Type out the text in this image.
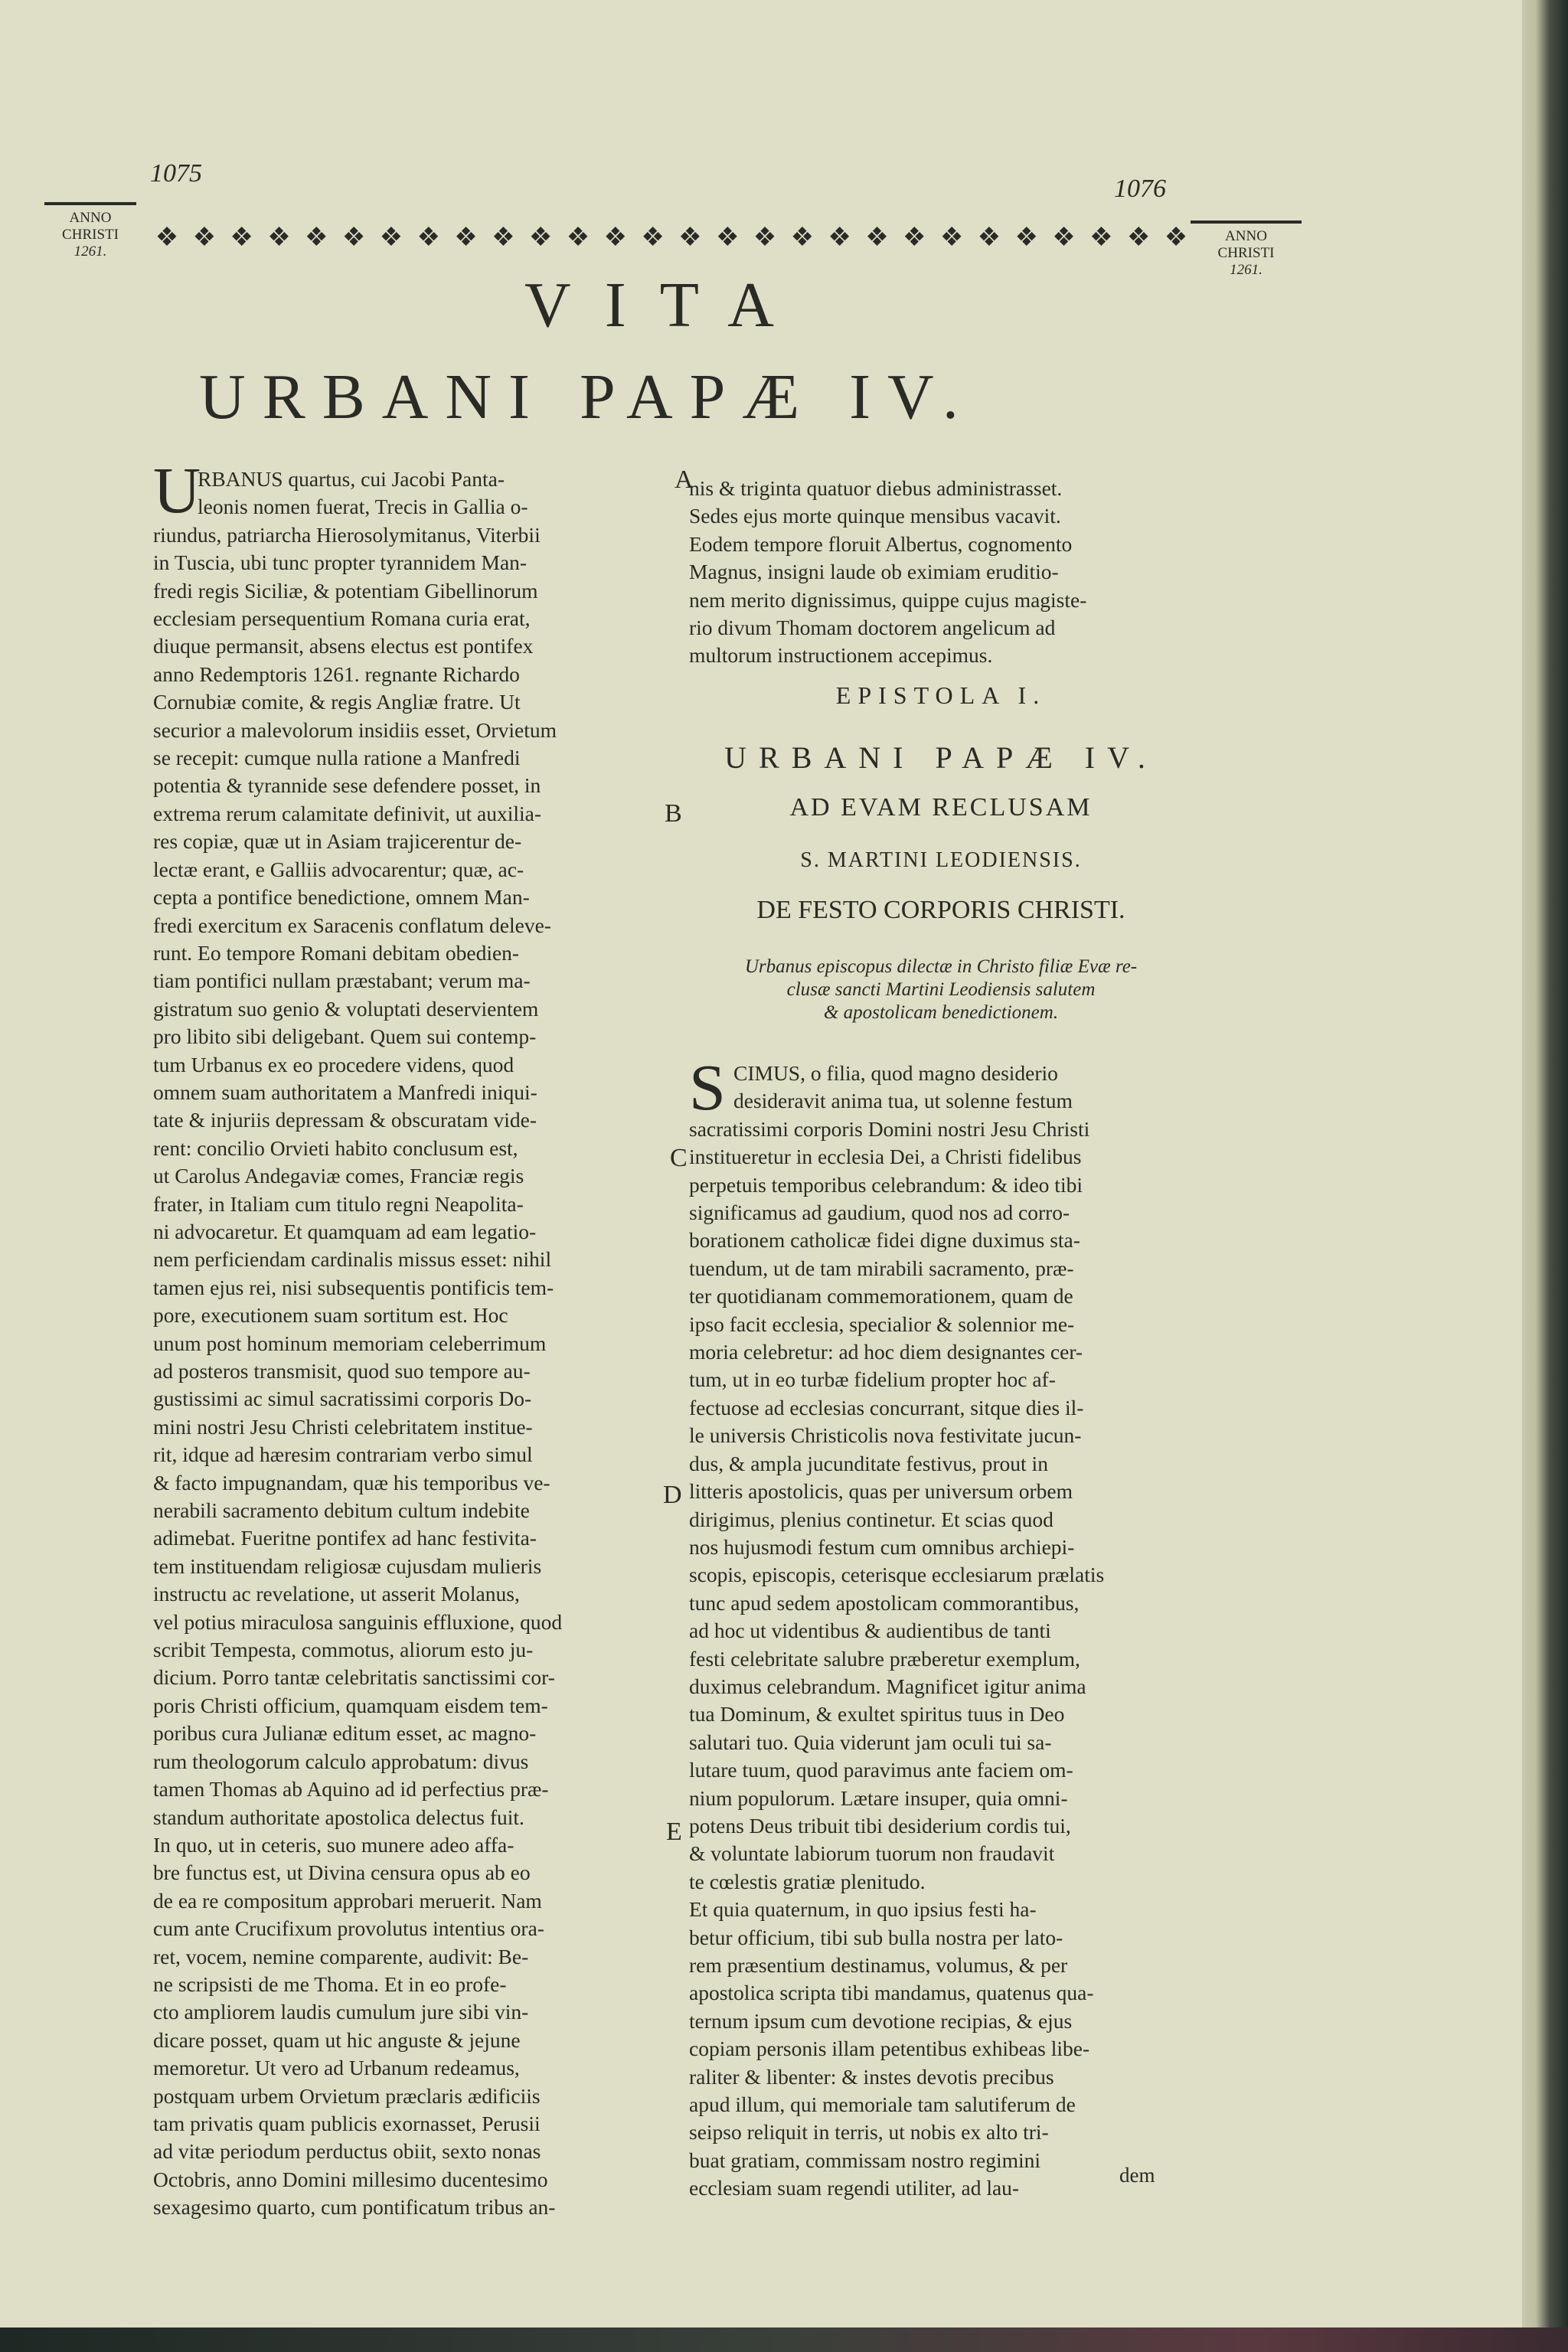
1075
1076
ANNO
CHRISTI
1261.
ANNO
CHRISTI
1261.
❖ ❖ ❖ ❖ ❖ ❖ ❖ ❖ ❖ ❖ ❖ ❖ ❖ ❖ ❖ ❖ ❖ ❖ ❖ ❖ ❖ ❖ ❖ ❖ ❖ ❖ ❖ ❖
VITA
URBANI PAPÆ IV.
U
RBANUS quartus, cui Jacobi Panta-
leonis nomen fuerat, Trecis in Gallia o-
riundus, patriarcha Hierosolymitanus, Viterbii
in Tuscia, ubi tunc propter tyrannidem Man-
fredi regis Siciliæ, & potentiam Gibellinorum
ecclesiam persequentium Romana curia erat,
diuque permansit, absens electus est pontifex
anno Redemptoris 1261. regnante Richardo
Cornubiæ comite, & regis Angliæ fratre. Ut
securior a malevolorum insidiis esset, Orvietum
se recepit: cumque nulla ratione a Manfredi
potentia & tyrannide sese defendere posset, in
extrema rerum calamitate definivit, ut auxilia-
res copiæ, quæ ut in Asiam trajicerentur de-
lectæ erant, e Galliis advocarentur; quæ, ac-
cepta a pontifice benedictione, omnem Man-
fredi exercitum ex Saracenis conflatum deleve-
runt. Eo tempore Romani debitam obedien-
tiam pontifici nullam præstabant; verum ma-
gistratum suo genio & voluptati deservientem
pro libito sibi deligebant. Quem sui contemp-
tum Urbanus ex eo procedere videns, quod
omnem suam authoritatem a Manfredi iniqui-
tate & injuriis depressam & obscuratam vide-
rent: concilio Orvieti habito conclusum est,
ut Carolus Andegaviæ comes, Franciæ regis
frater, in Italiam cum titulo regni Neapolita-
ni advocaretur. Et quamquam ad eam legatio-
nem perficiendam cardinalis missus esset: nihil
tamen ejus rei, nisi subsequentis pontificis tem-
pore, executionem suam sortitum est. Hoc
unum post hominum memoriam celeberrimum
ad posteros transmisit, quod suo tempore au-
gustissimi ac simul sacratissimi corporis Do-
mini nostri Jesu Christi celebritatem institue-
rit, idque ad hæresim contrariam verbo simul
& facto impugnandam, quæ his temporibus ve-
nerabili sacramento debitum cultum indebite
adimebat. Fueritne pontifex ad hanc festivita-
tem instituendam religiosæ cujusdam mulieris
instructu ac revelatione, ut asserit Molanus,
vel potius miraculosa sanguinis effluxione, quod
scribit Tempesta, commotus, aliorum esto ju-
dicium. Porro tantæ celebritatis sanctissimi cor-
poris Christi officium, quamquam eisdem tem-
poribus cura Julianæ editum esset, ac magno-
rum theologorum calculo approbatum: divus
tamen Thomas ab Aquino ad id perfectius præ-
standum authoritate apostolica delectus fuit.
In quo, ut in ceteris, suo munere adeo affa-
bre functus est, ut Divina censura opus ab eo
de ea re compositum approbari meruerit. Nam
cum ante Crucifixum provolutus intentius ora-
ret, vocem, nemine comparente, audivit: Be-
ne scripsisti de me Thoma. Et in eo profe-
cto ampliorem laudis cumulum jure sibi vin-
dicare posset, quam ut hic anguste & jejune
memoretur. Ut vero ad Urbanum redeamus,
postquam urbem Orvietum præclaris ædificiis
tam privatis quam publicis exornasset, Perusii
ad vitæ periodum perductus obiit, sexto nonas
Octobris, anno Domini millesimo ducentesimo
sexagesimo quarto, cum pontificatum tribus an-
A
B
C
D
E
nis & triginta quatuor diebus administrasset.
Sedes ejus morte quinque mensibus vacavit.
Eodem tempore floruit Albertus, cognomento
Magnus, insigni laude ob eximiam eruditio-
nem merito dignissimus, quippe cujus magiste-
rio divum Thomam doctorem angelicum ad
multorum instructionem accepimus.
EPISTOLA I.
URBANI PAPÆ IV.
AD EVAM RECLUSAM
S. MARTINI LEODIENSIS.
DE FESTO CORPORIS CHRISTI.
Urbanus episcopus dilectæ in Christo filiæ Evæ re-
clusæ sancti Martini Leodiensis salutem
& apostolicam benedictionem.
S CIMUS, o filia, quod magno desiderio
desideravit anima tua, ut solenne festum
sacratissimi corporis Domini nostri Jesu Christi
institueretur in ecclesia Dei, a Christi fidelibus
perpetuis temporibus celebrandum: & ideo tibi
significamus ad gaudium, quod nos ad corro-
borationem catholicæ fidei digne duximus sta-
tuendum, ut de tam mirabili sacramento, præ-
ter quotidianam commemorationem, quam de
ipso facit ecclesia, specialior & solennior me-
moria celebretur: ad hoc diem designantes cer-
tum, ut in eo turbæ fidelium propter hoc af-
fectuose ad ecclesias concurrant, sitque dies il-
le universis Christicolis nova festivitate jucun-
dus, & ampla jucunditate festivus, prout in
litteris apostolicis, quas per universum orbem
dirigimus, plenius continetur. Et scias quod
nos hujusmodi festum cum omnibus archiepi-
scopis, episcopis, ceterisque ecclesiarum prælatis
tunc apud sedem apostolicam commorantibus,
ad hoc ut videntibus & audientibus de tanti
festi celebritate salubre præberetur exemplum,
duximus celebrandum. Magnificet igitur anima
tua Dominum, & exultet spiritus tuus in Deo
salutari tuo. Quia viderunt jam oculi tui sa-
lutare tuum, quod paravimus ante faciem om-
nium populorum. Lætare insuper, quia omni-
potens Deus tribuit tibi desiderium cordis tui,
& voluntate labiorum tuorum non fraudavit
te cœlestis gratiæ plenitudo.
Et quia quaternum, in quo ipsius festi ha-
betur officium, tibi sub bulla nostra per lato-
rem præsentium destinamus, volumus, & per
apostolica scripta tibi mandamus, quatenus qua-
ternum ipsum cum devotione recipias, & ejus
copiam personis illam petentibus exhibeas libe-
raliter & libenter: & instes devotis precibus
apud illum, qui memoriale tam salutiferum de
seipso reliquit in terris, ut nobis ex alto tri-
buat gratiam, commissam nostro regimini
ecclesiam suam regendi utiliter, ad lau-
dem
